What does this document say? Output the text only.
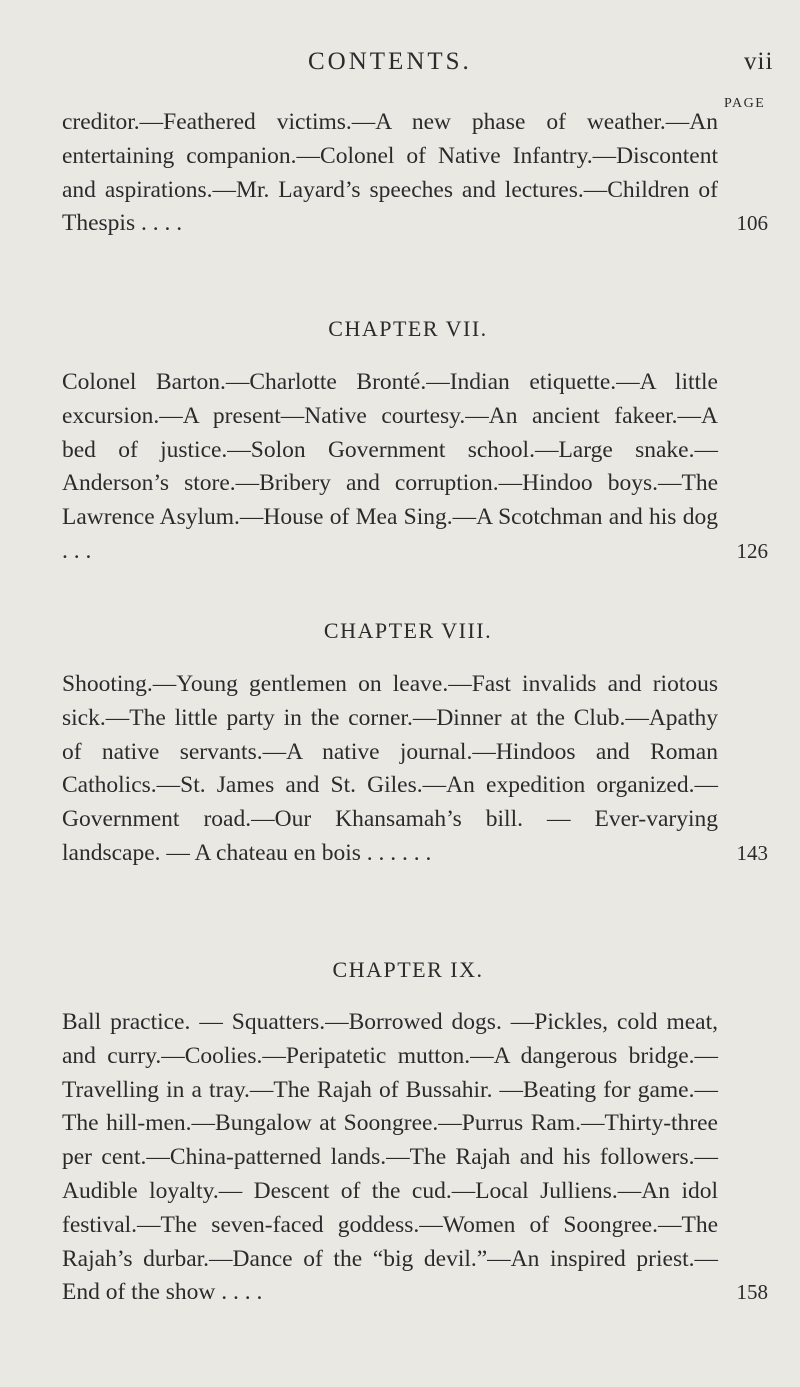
CONTENTS.	vii
PAGE
creditor.—Feathered victims.—A new phase of weather.—An entertaining companion.—Colonel of Native Infantry.—Discontent and aspirations.—Mr. Layard’s speeches and lectures.—Children of Thespis . . . .	106
CHAPTER VII.
Colonel Barton.—Charlotte Bronté.—Indian etiquette.—A little excursion.—A present—Native courtesy.—An ancient fakeer.—A bed of justice.—Solon Government school.—Large snake.—Anderson’s store.—Bribery and corruption.—Hindoo boys.—The Lawrence Asylum.—House of Mea Sing.—A Scotchman and his dog . . .	126
CHAPTER VIII.
Shooting.—Young gentlemen on leave.—Fast invalids and riotous sick.—The little party in the corner.—Dinner at the Club.—Apathy of native servants.—A native journal.—Hindoos and Roman Catholics.—St. James and St. Giles.—An expedition organized.—Government road.—Our Khansamah’s bill. — Ever-varying landscape. — A chateau en bois . . . . . .	143
CHAPTER IX.
Ball practice. — Squatters.—Borrowed dogs. —Pickles, cold meat, and curry.—Coolies.—Peripatetic mutton.—A dangerous bridge.—Travelling in a tray.—The Rajah of Bussahir. —Beating for game.—The hill-men.—Bungalow at Soongree.—Purrus Ram.—Thirty-three per cent.—China-patterned lands.—The Rajah and his followers.—Audible loyalty.— Descent of the cud.—Local Julliens.—An idol festival.—The seven-faced goddess.—Women of Soongree.—The Rajah’s durbar.—Dance of the “big devil.”—An inspired priest.—End of the show . . . .	158
